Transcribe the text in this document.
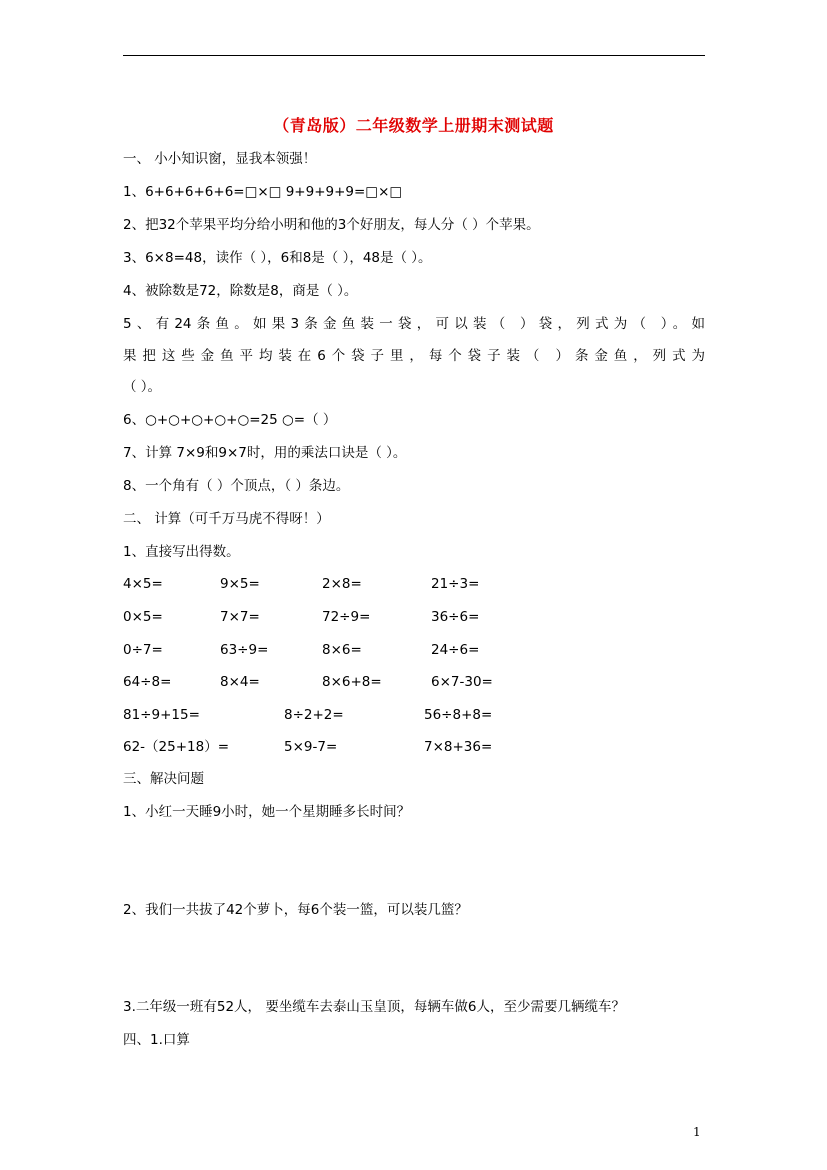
（青岛版）二年级数学上册期末测试题
一、 小小知识窗，显我本领强！
1、6+6+6+6+6=□×□ 9+9+9+9=□×□
2、把32个苹果平均分给小明和他的3个好朋友，每人分（ ）个苹果。
3、6×8=48，读作（ ），6和8是（ ），48是（ ）。
4、被除数是72，除数是8，商是（ ）。
5、有24条鱼。如果3条金鱼装一袋，可以装（ ）袋，列式为（ ）。如
果把这些金鱼平均装在6个袋子里，每个袋子装（ ）条金鱼，列式为
（ ）。
6、○+○+○+○+○=25 ○=（ ）
7、计算 7×9和9×7时，用的乘法口诀是（ ）。
8、一个角有（ ）个顶点，（ ）条边。
二、 计算（可千万马虎不得呀！）
1、直接写出得数。
4×5=	9×5=	2×8=	21÷3=
0×5=	7×7=	72÷9=	36÷6=
0÷7=	63÷9=	8×6=	24÷6=
64÷8=	8×4=	8×6+8=	6×7-30=
81÷9+15=	8÷2+2=	56÷8+8=
62-（25+18）=	5×9-7=	7×8+36=
三、解决问题
1、小红一天睡9小时，她一个星期睡多长时间？
2、我们一共拔了42个萝卜，每6个装一篮，可以装几篮？
3.二年级一班有52人， 要坐缆车去泰山玉皇顶，每辆车做6人，至少需要几辆缆车？
四、1.口算
1
